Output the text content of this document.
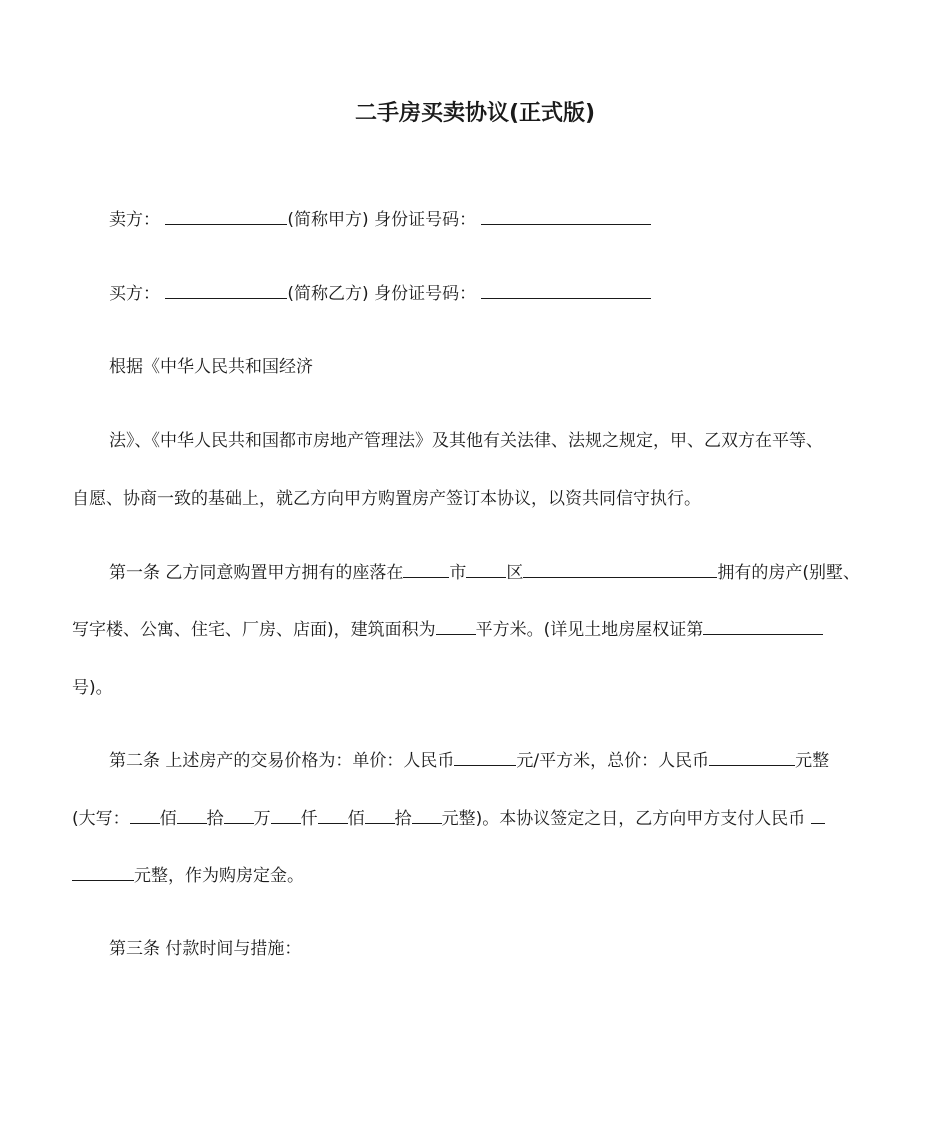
二手房买卖协议(正式版)
卖方：	(简称甲方) 身份证号码：
买方：	(简称乙方) 身份证号码：
根据《中华人民共和国经济
法》、《中华人民共和国都市房地产管理法》及其他有关法律、法规之规定，甲、乙双方在平等、
自愿、协商一致的基础上，就乙方向甲方购置房产签订本协议，以资共同信守执行。
第一条 乙方同意购置甲方拥有的座落在	市 区	拥有的房产(别墅、
写字楼、公寓、住宅、厂房、店面)，建筑面积为 平方米。(详见土地房屋权证第
号)。
第二条 上述房产的交易价格为：单价：人民币	元/平方米，总价：人民币	元整
(大写： 佰 拾 万 仟 佰 拾 元整)。本协议签定之日，乙方向甲方支付人民币
元整，作为购房定金。
第三条 付款时间与措施：
